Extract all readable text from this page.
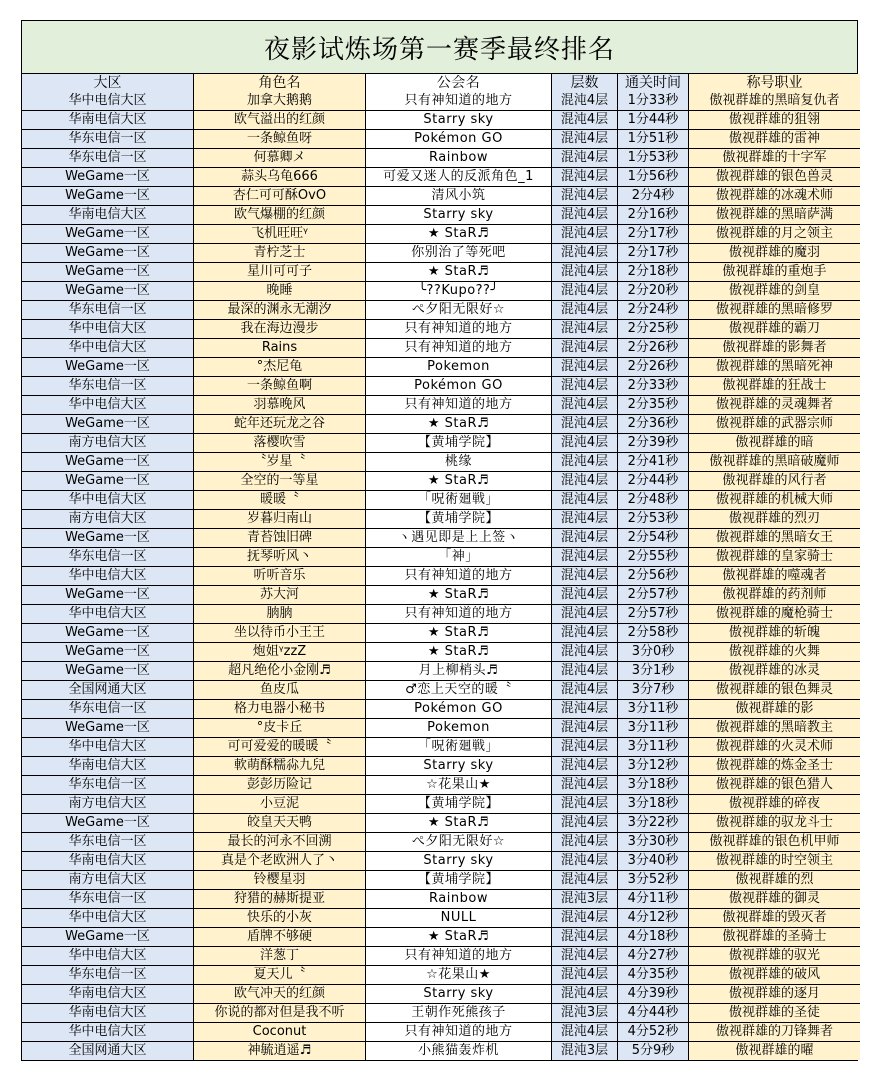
夜影试炼场第一赛季最终排名
大区	角色名	公会名	层数	通关时间	称号职业
华中电信大区	加拿大鹅鹅	只有神知道的地方	混沌4层	1分33秒	傲视群雄的黑暗复仇者
华南电信大区	欧气溢出的红颜	Starry sky	混沌4层	1分44秒	傲视群雄的狙翎
华东电信一区	一条鲸鱼呀	Pokémon GO	混沌4层	1分51秒	傲视群雄的雷神
华东电信一区	何慕卿メ	Rainbow	混沌4层	1分53秒	傲视群雄的十字军
WeGame一区	蒜头乌龟666	可爱又迷人的反派角色_1	混沌4层	1分56秒	傲视群雄的银色兽灵
WeGame一区	杏仁可可酥OvO	清风小筑	混沌4层	2分4秒	傲视群雄的冰魂术师
华南电信大区	欧气爆棚的红颜	Starry sky	混沌4层	2分16秒	傲视群雄的黑暗萨满
WeGame一区	飞机旺旺ᵞ	★ StaR♬	混沌4层	2分17秒	傲视群雄的月之领主
WeGame一区	青柠芝士	你别治了等死吧	混沌4层	2分17秒	傲视群雄的魔羽
WeGame一区	星川可可子	★ StaR♬	混沌4层	2分18秒	傲视群雄的重炮手
WeGame一区	晚睡	╰??Kupo??╯	混沌4层	2分20秒	傲视群雄的剑皇
华东电信一区	最深的渊永无潮汐	ぺ夕阳无限好☆	混沌4层	2分24秒	傲视群雄的黑暗修罗
华中电信大区	我在海边漫步	只有神知道的地方	混沌4层	2分25秒	傲视群雄的霸刀
华中电信大区	Rains	只有神知道的地方	混沌4层	2分26秒	傲视群雄的影舞者
WeGame一区	°杰尼龟	Pokemon	混沌4层	2分26秒	傲视群雄的黑暗死神
华东电信一区	一条鲸鱼啊	Pokémon GO	混沌4层	2分33秒	傲视群雄的狂战士
华中电信大区	羽慕晚风	只有神知道的地方	混沌4层	2分35秒	傲视群雄的灵魂舞者
WeGame一区	蛇年还玩龙之谷	★ StaR♬	混沌4层	2分36秒	傲视群雄的武器宗师
南方电信大区	落樱吹雪	【黄埔学院】	混沌4层	2分39秒	傲视群雄的暗
WeGame一区	〝岁星〝	桃缘	混沌4层	2分41秒	傲视群雄的黑暗破魔师
WeGame一区	全空的一等星	★ StaR♬	混沌4层	2分44秒	傲视群雄的风行者
华中电信大区	暖暖〝	「呪術廻戦」	混沌4层	2分48秒	傲视群雄的机械大师
南方电信大区	岁暮归南山	【黄埔学院】	混沌4层	2分53秒	傲视群雄的烈刃
WeGame一区	青苔蚀旧碑	ヽ遇见即是上上签ヽ	混沌4层	2分54秒	傲视群雄的黑暗女王
华东电信一区	抚琴听风丶	「神」	混沌4层	2分55秒	傲视群雄的皇家骑士
华中电信大区	听听音乐	只有神知道的地方	混沌4层	2分56秒	傲视群雄的噬魂者
WeGame一区	苏大河	★ StaR♬	混沌4层	2分57秒	傲视群雄的药剂师
华中电信大区	朒朒	只有神知道的地方	混沌4层	2分57秒	傲视群雄的魔枪骑士
WeGame一区	坐以待币小王王	★ StaR♬	混沌4层	2分58秒	傲视群雄的斩魄
WeGame一区	炮姐ᵞzzZ	★ StaR♬	混沌4层	3分0秒	傲视群雄的火舞
WeGame一区	超凡绝伦小金刚♬	月上柳梢头♬	混沌4层	3分1秒	傲视群雄的冰灵
全国网通大区	鱼皮瓜	♂恋上天空的暖〝	混沌4层	3分7秒	傲视群雄的银色舞灵
华东电信一区	格力电器小秘书	Pokémon GO	混沌4层	3分11秒	傲视群雄的影
WeGame一区	°皮卡丘	Pokemon	混沌4层	3分11秒	傲视群雄的黑暗教主
华中电信大区	可可爱爱的暖暖〝	「呪術廻戦」	混沌4层	3分11秒	傲视群雄的火灵术师
华南电信大区	軟萌酥糯尛九兒	Starry sky	混沌4层	3分12秒	傲视群雄的炼金圣士
华东电信一区	彭彭历险记	☆花果山★	混沌4层	3分18秒	傲视群雄的银色猎人
南方电信大区	小豆泥	【黄埔学院】	混沌4层	3分18秒	傲视群雄的碎夜
WeGame一区	皎皇天天鸭	★ StaR♬	混沌4层	3分22秒	傲视群雄的驭龙斗士
华东电信一区	最长的河永不回溯	ぺ夕阳无限好☆	混沌4层	3分30秒	傲视群雄的银色机甲师
华南电信大区	真是个老欧洲人了丶	Starry sky	混沌4层	3分40秒	傲视群雄的时空领主
南方电信大区	铃樱星羽	【黄埔学院】	混沌4层	3分52秒	傲视群雄的烈
华东电信一区	狩猎的赫斯提亚	Rainbow	混沌3层	4分11秒	傲视群雄的御灵
华中电信大区	快乐的小灰	NULL	混沌4层	4分12秒	傲视群雄的毁灭者
WeGame一区	盾牌不够硬	★ StaR♬	混沌4层	4分18秒	傲视群雄的圣骑士
华中电信大区	洋葱丁	只有神知道的地方	混沌4层	4分27秒	傲视群雄的驭光
华东电信一区	夏天儿〝	☆花果山★	混沌4层	4分35秒	傲视群雄的破风
华南电信大区	欧气冲天的红颜	Starry sky	混沌4层	4分39秒	傲视群雄的逐月
华南电信大区	你说的都对但是我不听	王朝作死熊孩子	混沌3层	4分44秒	傲视群雄的圣徒
华中电信大区	Coconut	只有神知道的地方	混沌4层	4分52秒	傲视群雄的刀锋舞者
全国网通大区	神毓逍遥♬	小熊猫轰炸机	混沌3层	5分9秒	傲视群雄的曜
